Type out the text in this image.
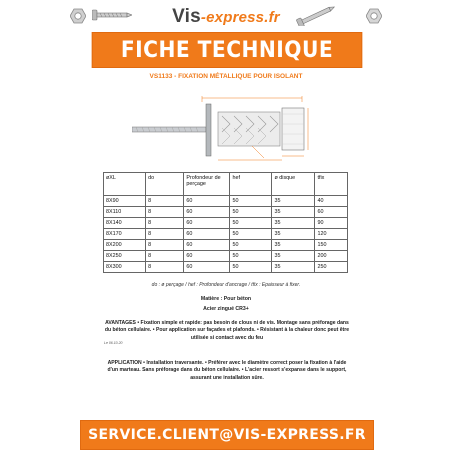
Vis-express.fr
FICHE TECHNIQUE
VS1133 - FIXATION MÉTALLIQUE POUR ISOLANT
øXL	do	Profondeur de perçage	hef	ø disque	tfix
8X90	8	60	50	35	40
8X110	8	60	50	35	60
8X140	8	60	50	35	90
8X170	8	60	50	35	120
8X200	8	60	50	35	150
8X250	8	60	50	35	200
8X300	8	60	50	35	250
do : ø perçage / hef : Profondeur d'ancrage / tfix : Epaisseur à fixer.
Matière : Pour béton
Acier zingué CR3+
AVANTAGES • Fixation simple et rapide: pas besoin de clous ni de vis. Montage sans préforage dans du béton cellulaire. • Pour application sur façades et plafonds. • Résistant à la chaleur donc peut être utilisée si contact avec du feu
Le 06.10.20
APPLICATION • Installation traversante. • Préférer avec le diamètre correct poser la fixation à l'aide d'un marteau. Sans préforage dans du béton cellulaire. • L'acier ressort s'expanse dans le support, assurant une installation sûre.
SERVICE.CLIENT@VIS-EXPRESS.FR
